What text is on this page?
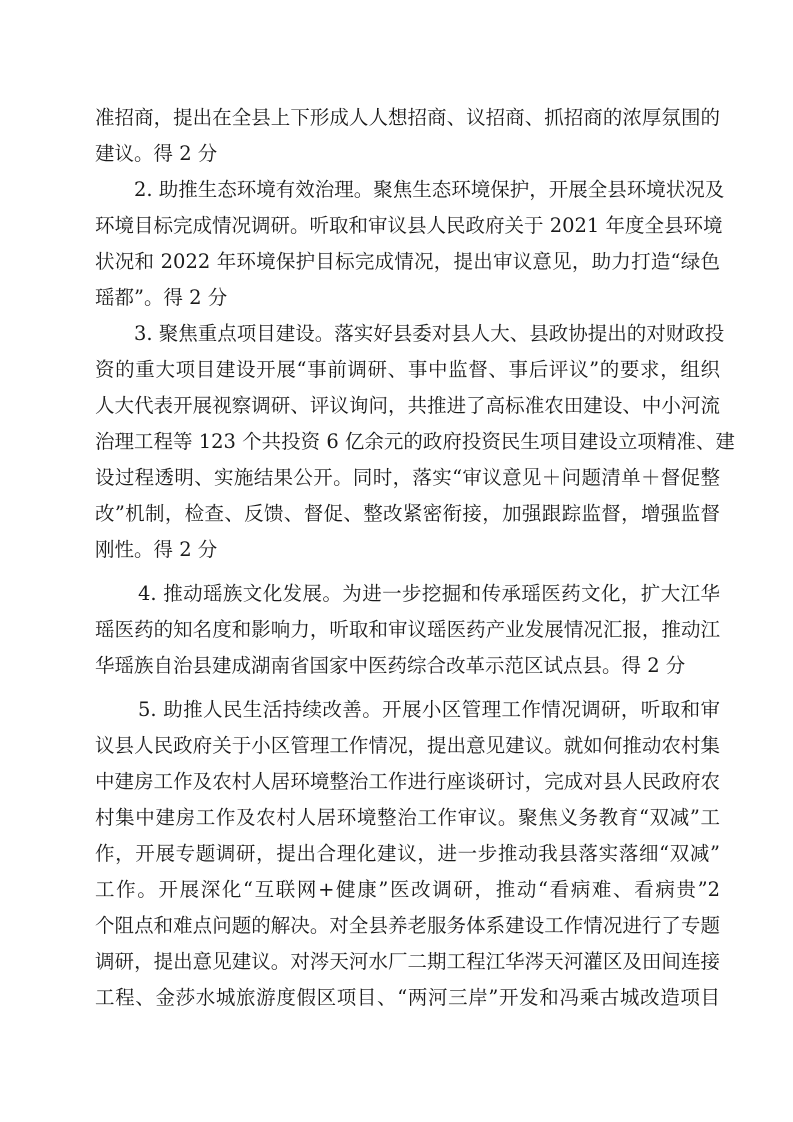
准招商，提出在全县上下形成人人想招商、议招商、抓招商的浓厚氛围的
建议。得 2 分
2. 助推生态环境有效治理。聚焦生态环境保护，开展全县环境状况及
环境目标完成情况调研。听取和审议县人民政府关于 2021 年度全县环境
状况和 2022 年环境保护目标完成情况，提出审议意见，助力打造“绿色
瑶都”。得 2 分
3. 聚焦重点项目建设。落实好县委对县人大、县政协提出的对财政投
资的重大项目建设开展“事前调研、事中监督、事后评议”的要求，组织
人大代表开展视察调研、评议询问，共推进了高标准农田建设、中小河流
治理工程等 123 个共投资 6 亿余元的政府投资民生项目建设立项精准、建
设过程透明、实施结果公开。同时，落实“审议意见＋问题清单＋督促整
改”机制，检查、反馈、督促、整改紧密衔接，加强跟踪监督，增强监督
刚性。得 2 分
4. 推动瑶族文化发展。为进一步挖掘和传承瑶医药文化，扩大江华
瑶医药的知名度和影响力，听取和审议瑶医药产业发展情况汇报，推动江
华瑶族自治县建成湖南省国家中医药综合改革示范区试点县。得 2 分
5. 助推人民生活持续改善。开展小区管理工作情况调研，听取和审
议县人民政府关于小区管理工作情况，提出意见建议。就如何推动农村集
中建房工作及农村人居环境整治工作进行座谈研讨，完成对县人民政府农
村集中建房工作及农村人居环境整治工作审议。聚焦义务教育“双减”工
作，开展专题调研，提出合理化建议，进一步推动我县落实落细“双减”
工作。开展深化“互联网+健康”医改调研，推动“看病难、看病贵”2
个阻点和难点问题的解决。对全县养老服务体系建设工作情况进行了专题
调研，提出意见建议。对涔天河水厂二期工程江华涔天河灌区及田间连接
工程、金莎水城旅游度假区项目、“两河三岸”开发和冯乘古城改造项目
